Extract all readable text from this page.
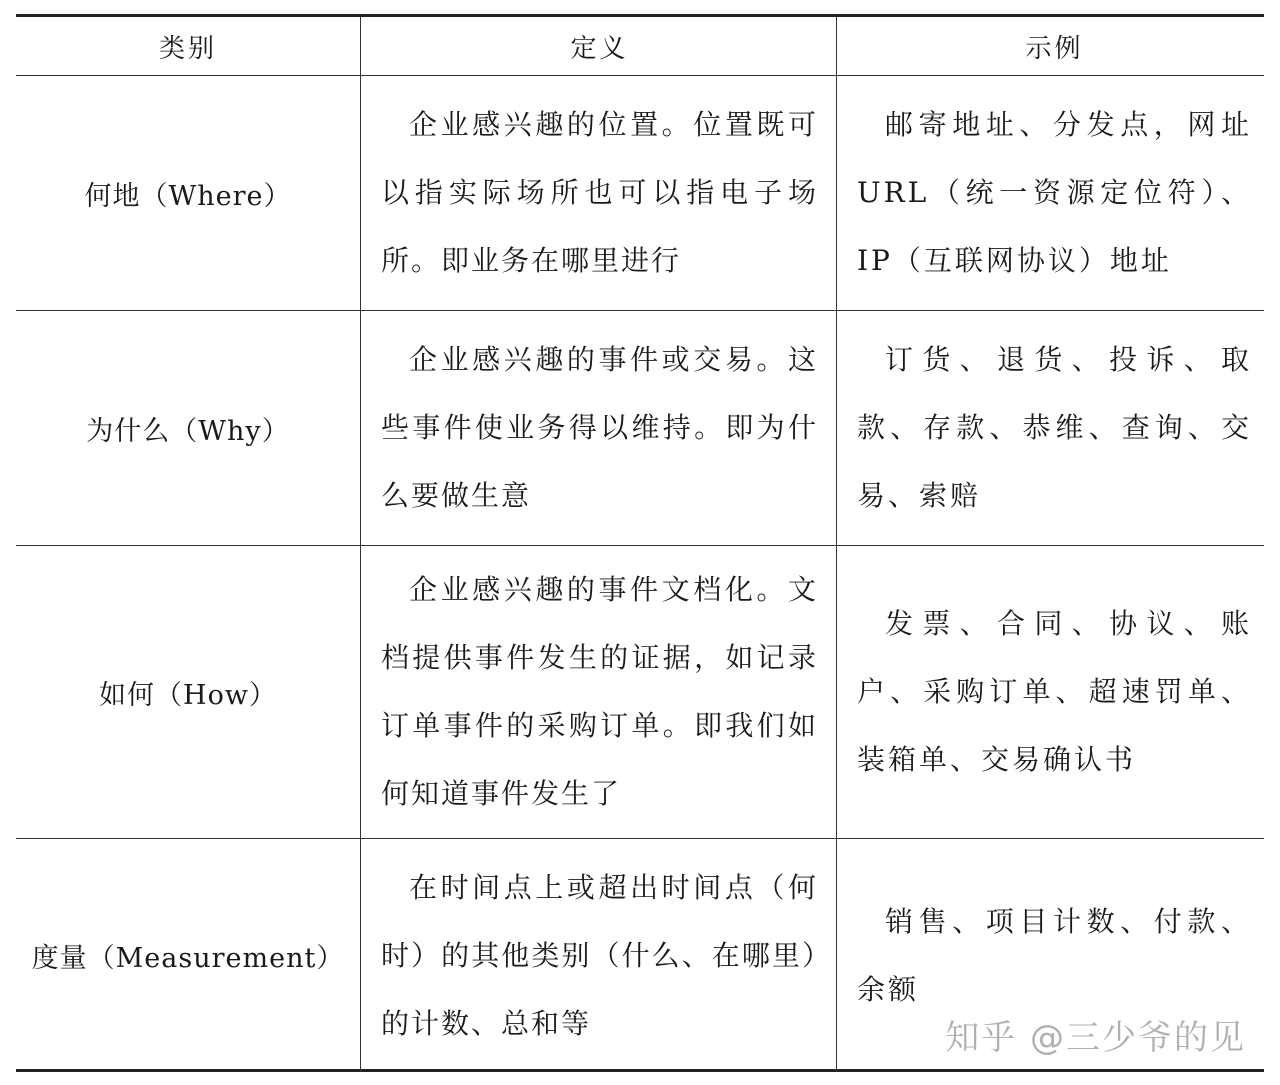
类别	定义	示例
何地（Where）
企业感兴趣的位置。位置既可以指实际场所也可以指电子场所。即业务在哪里进行
邮寄地址、分发点，网址URL（统一资源定位符）、IP（互联网协议）地址
为什么（Why）
企业感兴趣的事件或交易。这些事件使业务得以维持。即为什么要做生意
订货、退货、投诉、取款、存款、恭维、查询、交易、索赔
如何（How）
企业感兴趣的事件文档化。文档提供事件发生的证据，如记录订单事件的采购订单。即我们如何知道事件发生了
发票、合同、协议、账户、采购订单、超速罚单、装箱单、交易确认书
度量（Measurement）
在时间点上或超出时间点（何时）的其他类别（什么、在哪里）的计数、总和等
销售、项目计数、付款、余额
知乎 @三少爷的见
